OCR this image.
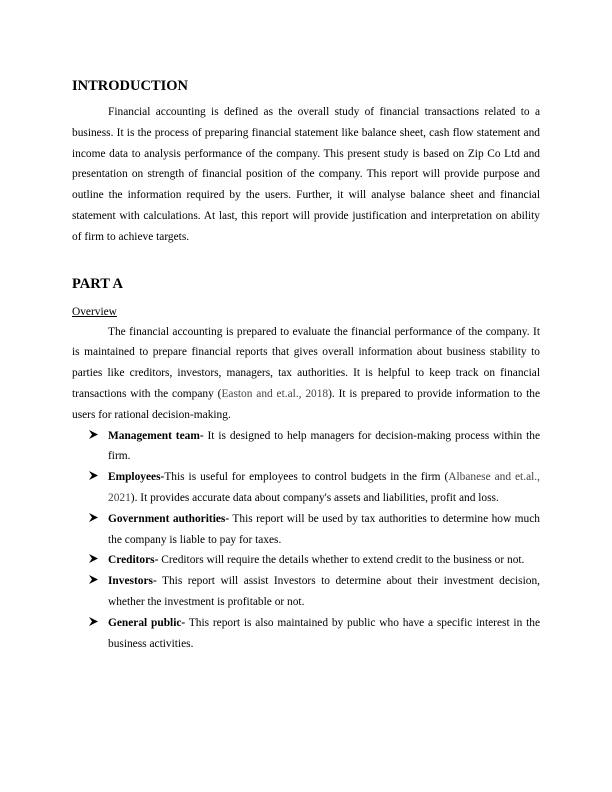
INTRODUCTION

Financial accounting is defined as the overall study of financial transactions related to a business. It is the process of preparing financial statement like balance sheet, cash flow statement and income data to analysis performance of the company. This present study is based on Zip Co Ltd and presentation on strength of financial position of the company. This report will provide purpose and outline the information required by the users. Further, it will analyse balance sheet and financial statement with calculations. At last, this report will provide justification and interpretation on ability of firm to achieve targets.

PART A
Overview

The financial accounting is prepared to evaluate the financial performance of the company. It is maintained to prepare financial reports that gives overall information about business stability to parties like creditors, investors, managers, tax authorities. It is helpful to keep track on financial transactions with the company (Easton and et.al., 2018). It is prepared to provide information to the users for rational decision-making.

Management team- It is designed to help managers for decision-making process within the firm.
Employees-This is useful for employees to control budgets in the firm (Albanese and et.al., 2021). It provides accurate data about company's assets and liabilities, profit and loss.
Government authorities- This report will be used by tax authorities to determine how much the company is liable to pay for taxes.
Creditors- Creditors will require the details whether to extend credit to the business or not.
Investors- This report will assist Investors to determine about their investment decision, whether the investment is profitable or not.
General public- This report is also maintained by public who have a specific interest in the business activities.
